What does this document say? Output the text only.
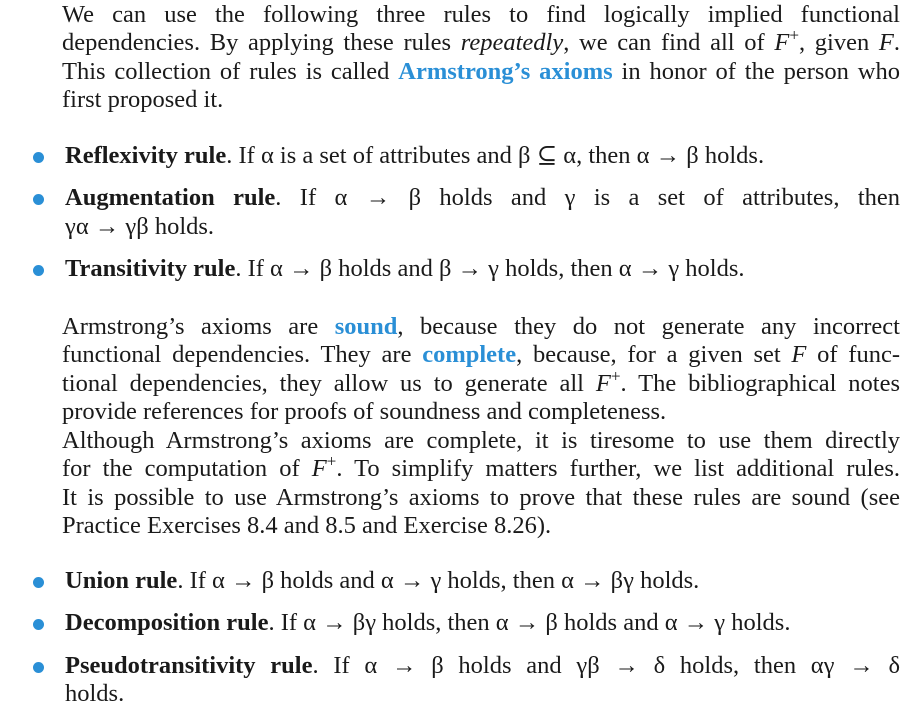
We can use the following three rules to find logically implied functional
dependencies. By applying these rules repeatedly, we can find all of F+, given F.
This collection of rules is called Armstrong’s axioms in honor of the person who
first proposed it.

Reflexivity rule. If α is a set of attributes and β ⊆ α, then α → β holds.
Augmentation rule. If α → β holds and γ is a set of attributes, then
γα → γβ holds.
Transitivity rule. If α → β holds and β → γ holds, then α → γ holds.

Armstrong’s axioms are sound, because they do not generate any incorrect
functional dependencies. They are complete, because, for a given set F of func-
tional dependencies, they allow us to generate all F+. The bibliographical notes
provide references for proofs of soundness and completeness.

Although Armstrong’s axioms are complete, it is tiresome to use them directly
for the computation of F+. To simplify matters further, we list additional rules.
It is possible to use Armstrong’s axioms to prove that these rules are sound (see
Practice Exercises 8.4 and 8.5 and Exercise 8.26).

Union rule. If α → β holds and α → γ holds, then α → βγ holds.
Decomposition rule. If α → βγ holds, then α → β holds and α → γ holds.
Pseudotransitivity rule. If α → β holds and γβ → δ holds, then αγ → δ
holds.
